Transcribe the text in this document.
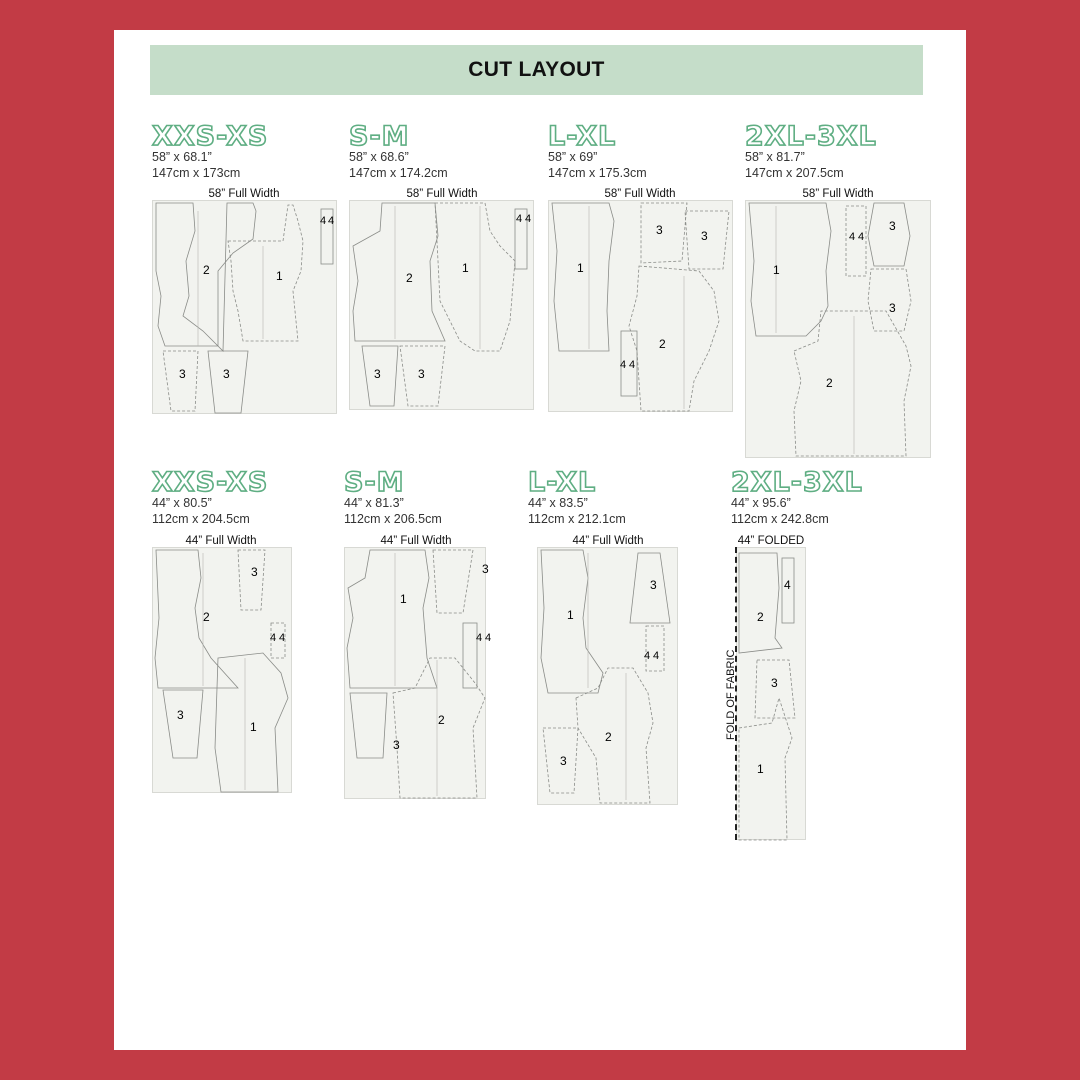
CUT LAYOUT
XXS-XS
58” x 68.1”
147cm x 173cm
S-M
58” x 68.6”
147cm x 174.2cm
L-XL
58” x 69”
147cm x 175.3cm
2XL-3XL
58” x 81.7”
147cm x 207.5cm
58” Full Width	58” Full Width	58” Full Width	58” Full Width
2	1
4 4
3	3
2
1
4 4
3	3
1
3	3
2
4 4
1
4 4
3
3
2
XXS-XS
44” x 80.5”
112cm x 204.5cm
S-M
44” x 81.3”
112cm x 206.5cm
L-XL
44” x 83.5”
112cm x 212.1cm
2XL-3XL
44” x 95.6”
112cm x 242.8cm
44” Full Width	44” Full Width	44” Full Width	44” FOLDED
3
2
4 4
3
1
3
1
4 4
2
3
3
1
4 4
2
3
4
2
3
1
FOLD OF FABRIC
